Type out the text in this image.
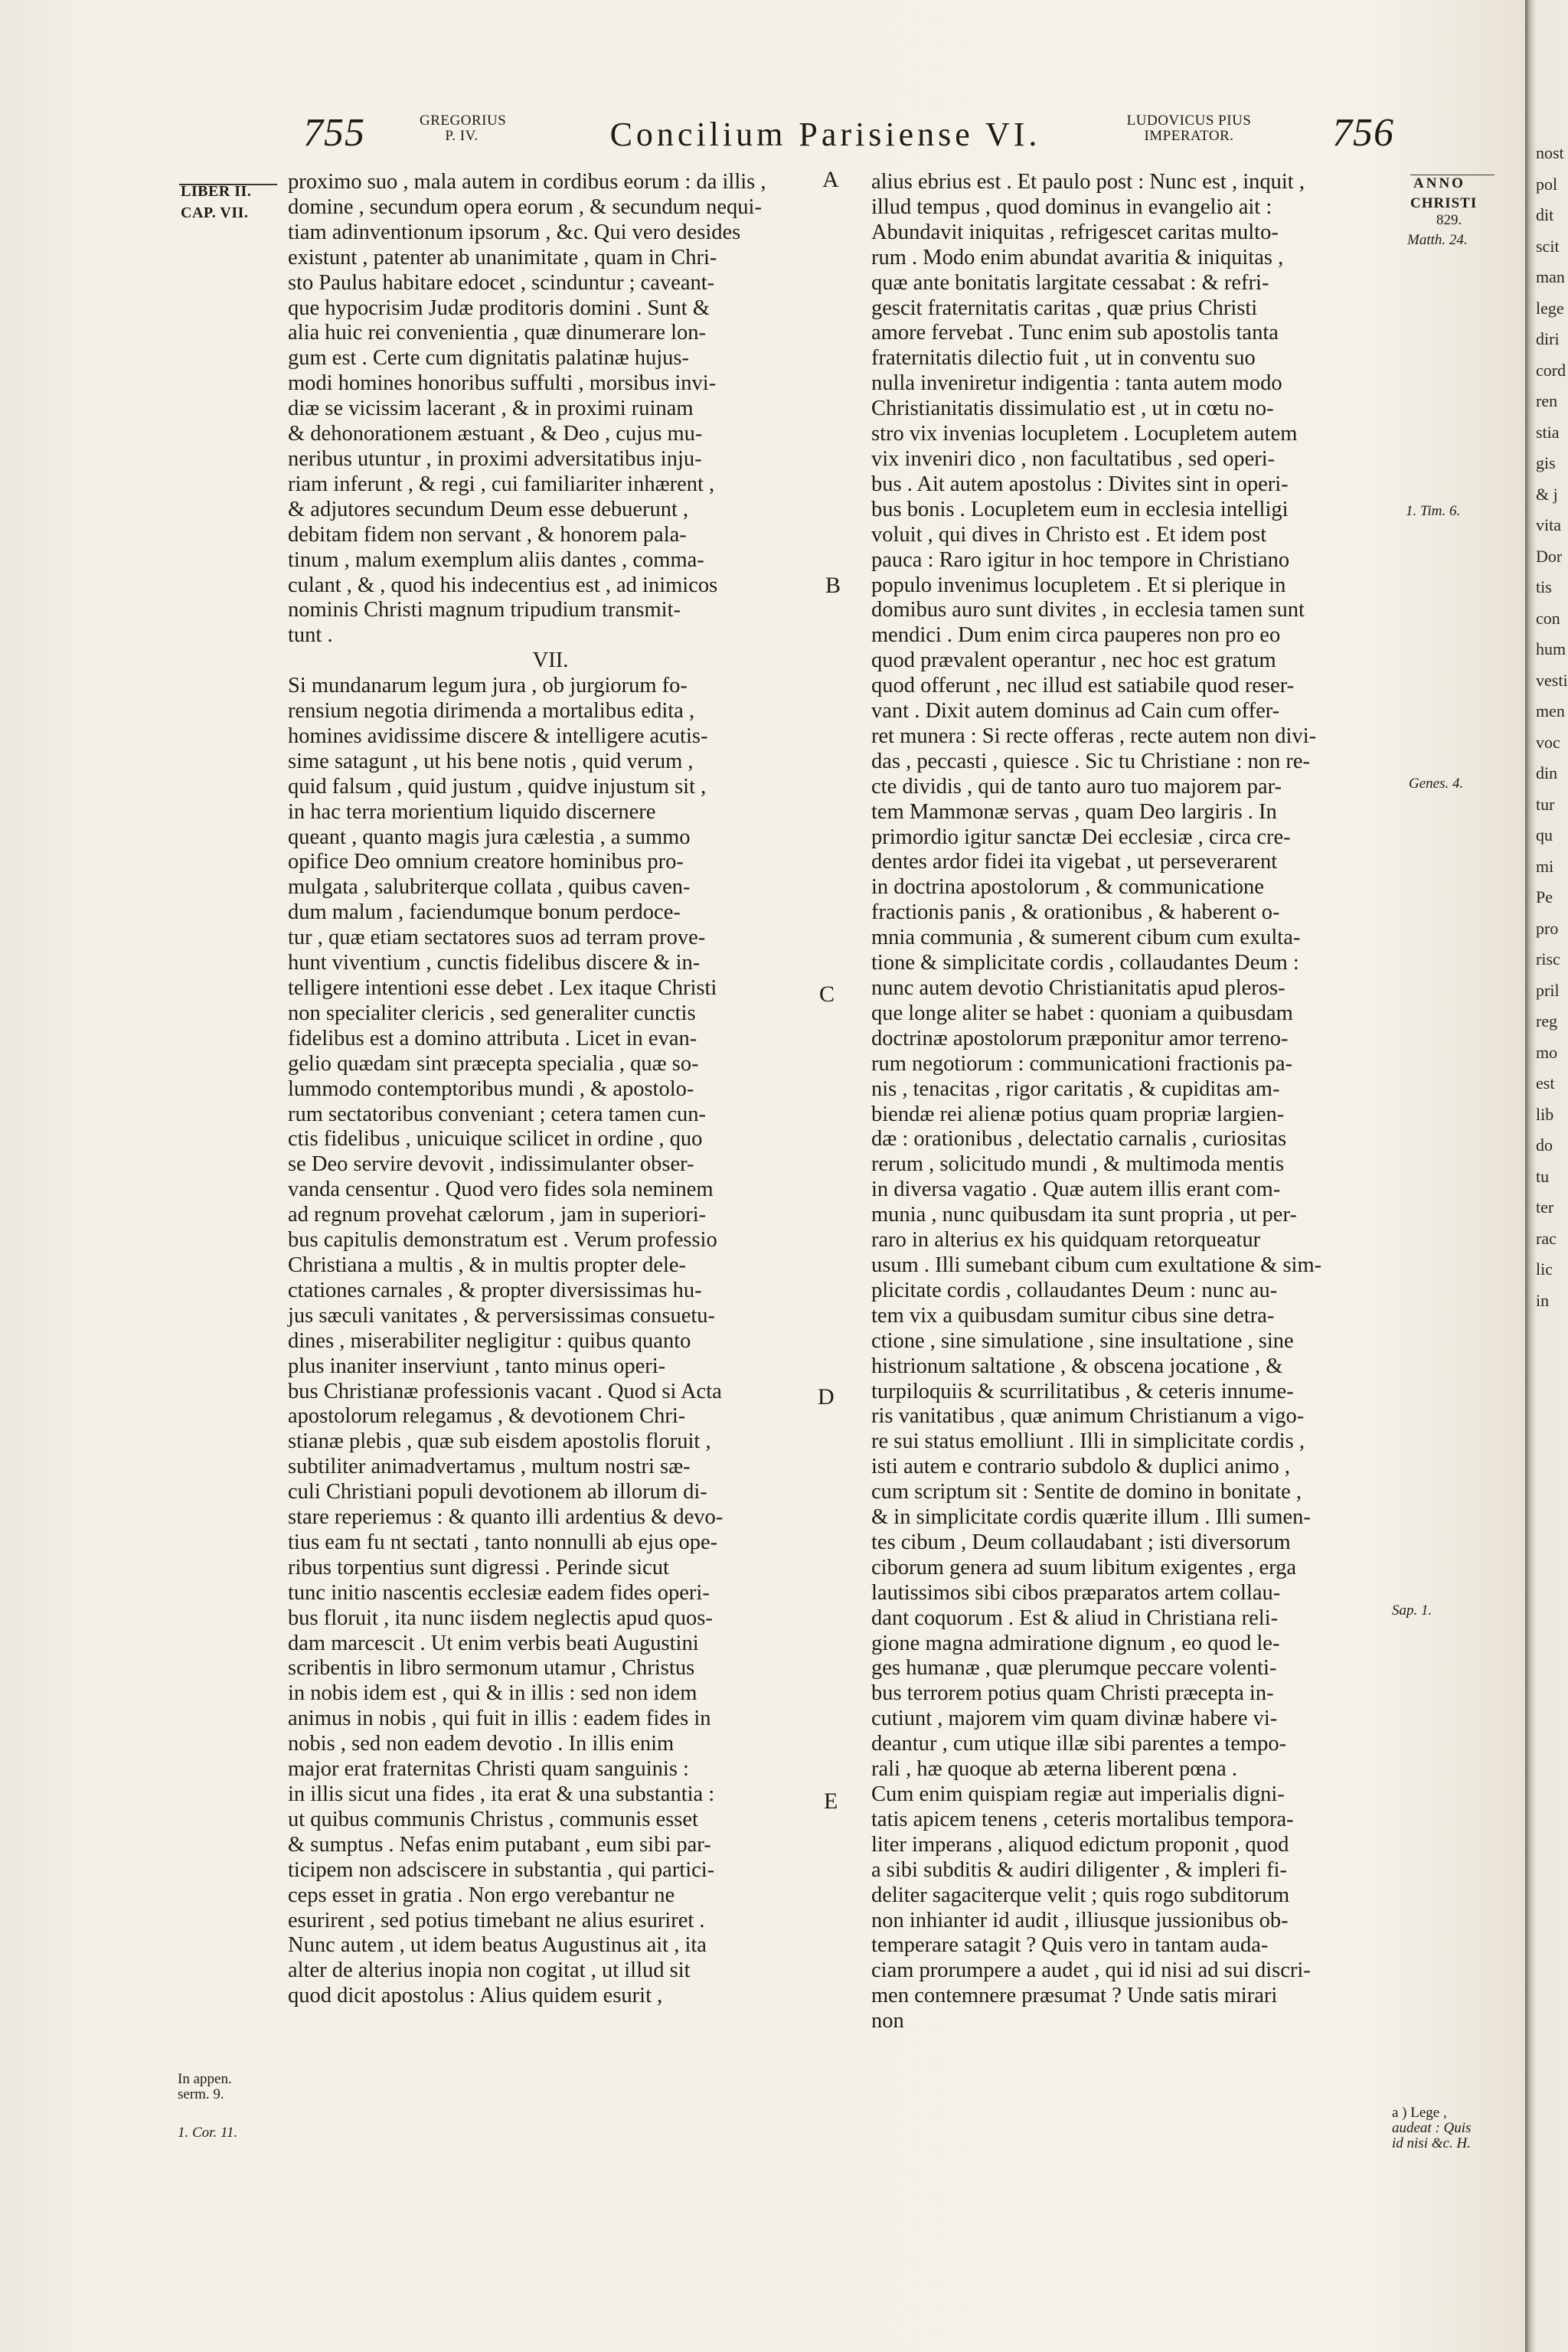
755	GREGORIUS
P. IV.	Concilium Parisiense VI.	LUDOVICUS PIUS
IMPERATOR.	756
LIBER II.
CAP. VII.
In appen.
serm. 9.
1. Cor. 11.
A
B
C
D
E
proximo suo , mala autem in cordibus eorum : da illis ,
domine , secundum opera eorum , & secundum nequi-
tiam adinventionum ipsorum , &c. Qui vero desides
existunt , patenter ab unanimitate , quam in Chri-
sto Paulus habitare edocet , scinduntur ; caveant-
que hypocrisim Judæ proditoris domini . Sunt &
alia huic rei convenientia , quæ dinumerare lon-
gum est . Certe cum dignitatis palatinæ hujus-
modi homines honoribus suffulti , morsibus invi-
diæ se vicissim lacerant , & in proximi ruinam
& dehonorationem æstuant , & Deo , cujus mu-
neribus utuntur , in proximi adversitatibus inju-
riam inferunt , & regi , cui familiariter inhærent ,
& adjutores secundum Deum esse debuerunt ,
debitam fidem non servant , & honorem pala-
tinum , malum exemplum aliis dantes , comma-
culant , & , quod his indecentius est , ad inimicos
nominis Christi magnum tripudium transmit-
tunt .
VII.
Si mundanarum legum jura , ob jurgiorum fo-
rensium negotia dirimenda a mortalibus edita ,
homines avidissime discere & intelligere acutis-
sime satagunt , ut his bene notis , quid verum ,
quid falsum , quid justum , quidve injustum sit ,
in hac terra morientium liquido discernere
queant , quanto magis jura cælestia , a summo
opifice Deo omnium creatore hominibus pro-
mulgata , salubriterque collata , quibus caven-
dum malum , faciendumque bonum perdoce-
tur , quæ etiam sectatores suos ad terram prove-
hunt viventium , cunctis fidelibus discere & in-
telligere intentioni esse debet . Lex itaque Christi
non specialiter clericis , sed generaliter cunctis
fidelibus est a domino attributa . Licet in evan-
gelio quædam sint præcepta specialia , quæ so-
lummodo contemptoribus mundi , & apostolo-
rum sectatoribus conveniant ; cetera tamen cun-
ctis fidelibus , unicuique scilicet in ordine , quo
se Deo servire devovit , indissimulanter obser-
vanda censentur . Quod vero fides sola neminem
ad regnum provehat cælorum , jam in superiori-
bus capitulis demonstratum est . Verum professio
Christiana a multis , & in multis propter dele-
ctationes carnales , & propter diversissimas hu-
jus sæculi vanitates , & perversissimas consuetu-
dines , miserabiliter negligitur : quibus quanto
plus inaniter inserviunt , tanto minus operi-
bus Christianæ professionis vacant . Quod si Acta
apostolorum relegamus , & devotionem Chri-
stianæ plebis , quæ sub eisdem apostolis floruit ,
subtiliter animadvertamus , multum nostri sæ-
culi Christiani populi devotionem ab illorum di-
stare reperiemus : & quanto illi ardentius & devo-
tius eam fu nt sectati , tanto nonnulli ab ejus ope-
ribus torpentius sunt digressi . Perinde sicut
tunc initio nascentis ecclesiæ eadem fides operi-
bus floruit , ita nunc iisdem neglectis apud quos-
dam marcescit . Ut enim verbis beati Augustini
scribentis in libro sermonum utamur , Christus
in nobis idem est , qui & in illis : sed non idem
animus in nobis , qui fuit in illis : eadem fides in
nobis , sed non eadem devotio . In illis enim
major erat fraternitas Christi quam sanguinis :
in illis sicut una fides , ita erat & una substantia :
ut quibus communis Christus , communis esset
& sumptus . Nefas enim putabant , eum sibi par-
ticipem non adsciscere in substantia , qui partici-
ceps esset in gratia . Non ergo verebantur ne
esurirent , sed potius timebant ne alius esuriret .
Nunc autem , ut idem beatus Augustinus ait , ita
alter de alterius inopia non cogitat , ut illud sit
quod dicit apostolus : Alius quidem esurit ,
alius ebrius est . Et paulo post : Nunc est , inquit ,
illud tempus , quod dominus in evangelio ait :
Abundavit iniquitas , refrigescet caritas multo-
rum . Modo enim abundat avaritia & iniquitas ,
quæ ante bonitatis largitate cessabat : & refri-
gescit fraternitatis caritas , quæ prius Christi
amore fervebat . Tunc enim sub apostolis tanta
fraternitatis dilectio fuit , ut in conventu suo
nulla inveniretur indigentia : tanta autem modo
Christianitatis dissimulatio est , ut in cœtu no-
stro vix invenias locupletem . Locupletem autem
vix inveniri dico , non facultatibus , sed operi-
bus . Ait autem apostolus : Divites sint in operi-
bus bonis . Locupletem eum in ecclesia intelligi
voluit , qui dives in Christo est . Et idem post
pauca : Raro igitur in hoc tempore in Christiano
populo invenimus locupletem . Et si plerique in
domibus auro sunt divites , in ecclesia tamen sunt
mendici . Dum enim circa pauperes non pro eo
quod prævalent operantur , nec hoc est gratum
quod offerunt , nec illud est satiabile quod reser-
vant . Dixit autem dominus ad Cain cum offer-
ret munera : Si recte offeras , recte autem non divi-
das , peccasti , quiesce . Sic tu Christiane : non re-
cte dividis , qui de tanto auro tuo majorem par-
tem Mammonæ servas , quam Deo largiris . In
primordio igitur sanctæ Dei ecclesiæ , circa cre-
dentes ardor fidei ita vigebat , ut perseverarent
in doctrina apostolorum , & communicatione
fractionis panis , & orationibus , & haberent o-
mnia communia , & sumerent cibum cum exulta-
tione & simplicitate cordis , collaudantes Deum :
nunc autem devotio Christianitatis apud pleros-
que longe aliter se habet : quoniam a quibusdam
doctrinæ apostolorum præponitur amor terreno-
rum negotiorum : communicationi fractionis pa-
nis , tenacitas , rigor caritatis , & cupiditas am-
biendæ rei alienæ potius quam propriæ largien-
dæ : orationibus , delectatio carnalis , curiositas
rerum , solicitudo mundi , & multimoda mentis
in diversa vagatio . Quæ autem illis erant com-
munia , nunc quibusdam ita sunt propria , ut per-
raro in alterius ex his quidquam retorqueatur
usum . Illi sumebant cibum cum exultatione & sim-
plicitate cordis , collaudantes Deum : nunc au-
tem vix a quibusdam sumitur cibus sine detra-
ctione , sine simulatione , sine insultatione , sine
histrionum saltatione , & obscena jocatione , &
turpiloquiis & scurrilitatibus , & ceteris innume-
ris vanitatibus , quæ animum Christianum a vigo-
re sui status emolliunt . Illi in simplicitate cordis ,
isti autem e contrario subdolo & duplici animo ,
cum scriptum sit : Sentite de domino in bonitate ,
& in simplicitate cordis quærite illum . Illi sumen-
tes cibum , Deum collaudabant ; isti diversorum
ciborum genera ad suum libitum exigentes , erga
lautissimos sibi cibos præparatos artem collau-
dant coquorum . Est & aliud in Christiana reli-
gione magna admiratione dignum , eo quod le-
ges humanæ , quæ plerumque peccare volenti-
bus terrorem potius quam Christi præcepta in-
cutiunt , majorem vim quam divinæ habere vi-
deantur , cum utique illæ sibi parentes a tempo-
rali , hæ quoque ab æterna liberent pœna .
Cum enim quispiam regiæ aut imperialis digni-
tatis apicem tenens , ceteris mortalibus tempora-
liter imperans , aliquod edictum proponit , quod
a sibi subditis & audiri diligenter , & impleri fi-
deliter sagaciterque velit ; quis rogo subditorum
non inhianter id audit , illiusque jussionibus ob-
temperare satagit ? Quis vero in tantam auda-
ciam prorumpere a audet , qui id nisi ad sui discri-
men contemnere præsumat ? Unde satis mirari
non
ANNO
CHRISTI
829.
Matth. 24.
1. Tim. 6.
Genes. 4.
Sap. 1.
a ) Lege ,
audeat : Quis
id nisi &c. H.
nost
pol
dit
scit
man
lege
diri
cord
ren
stia
gis
& j
vita
Dor
tis
con
hum
vesti
men
voc
din
tur
qu
mi
Pe
pro
risc
pril
reg
mo
est
lib
do
tu
ter
rac
lic
in
